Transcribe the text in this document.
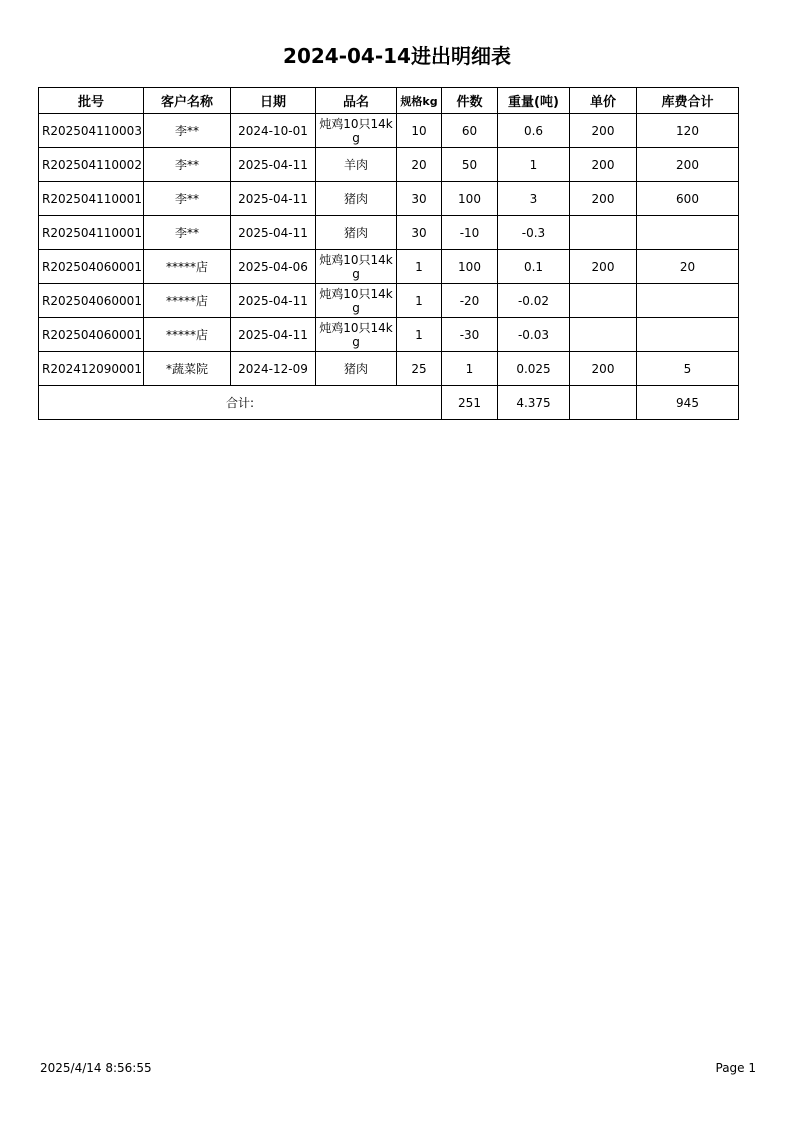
2024-04-14进出明细表
批号	客户名称	日期	品名	规格kg	件数	重量(吨)	单价	库费合计
R202504110003	李**	2024-10-01	炖鸡10只14kg	10	60	0.6	200	120
R202504110002	李**	2025-04-11	羊肉	20	50	1	200	200
R202504110001	李**	2025-04-11	猪肉	30	100	3	200	600
R202504110001	李**	2025-04-11	猪肉	30	-10	-0.3		
R202504060001	*****店	2025-04-06	炖鸡10只14kg	1	100	0.1	200	20
R202504060001	*****店	2025-04-11	炖鸡10只14kg	1	-20	-0.02		
R202504060001	*****店	2025-04-11	炖鸡10只14kg	1	-30	-0.03		
R202412090001	*蔬菜院	2024-12-09	猪肉	25	1	0.025	200	5
合计:					251	4.375		945
2025/4/14 8:56:55	Page 1
